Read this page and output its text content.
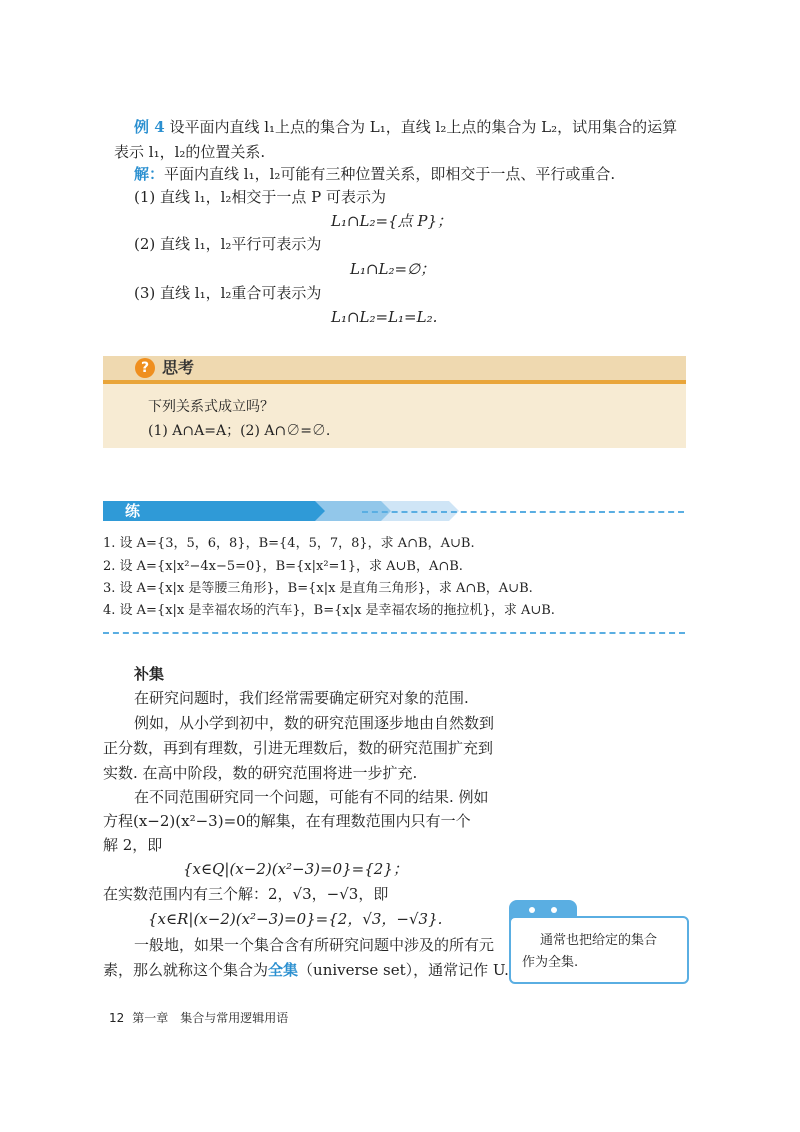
例 4 设平面内直线 l₁上点的集合为 L₁，直线 l₂上点的集合为 L₂，试用集合的运算
表示 l₁，l₂的位置关系.
解：平面内直线 l₁，l₂可能有三种位置关系，即相交于一点、平行或重合.
(1) 直线 l₁，l₂相交于一点 P 可表示为
L₁∩L₂={点 P}；
(2) 直线 l₁，l₂平行可表示为
L₁∩L₂=∅；
(3) 直线 l₁，l₂重合可表示为
L₁∩L₂=L₁=L₂.
? 思考
下列关系式成立吗？
(1) A∩A=A；(2) A∩∅=∅.
练习
1. 设 A={3，5，6，8}，B={4，5，7，8}，求 A∩B，A∪B.
2. 设 A={x|x²−4x−5=0}，B={x|x²=1}，求 A∪B，A∩B.
3. 设 A={x|x 是等腰三角形}，B={x|x 是直角三角形}，求 A∩B，A∪B.
4. 设 A={x|x 是幸福农场的汽车}，B={x|x 是幸福农场的拖拉机}，求 A∪B.
补集
在研究问题时，我们经常需要确定研究对象的范围.
例如，从小学到初中，数的研究范围逐步地由自然数到
正分数，再到有理数，引进无理数后，数的研究范围扩充到
实数. 在高中阶段，数的研究范围将进一步扩充.
在不同范围研究同一个问题，可能有不同的结果. 例如
方程(x−2)(x²−3)=0的解集，在有理数范围内只有一个
解 2，即
{x∈Q|(x−2)(x²−3)=0}={2}；
在实数范围内有三个解：2，√3，−√3，即
{x∈R|(x−2)(x²−3)=0}={2，√3，−√3}.
一般地，如果一个集合含有所研究问题中涉及的所有元
素，那么就称这个集合为全集（universe set），通常记作 U.
通常也把给定的集合
作为全集.
12 第一章　集合与常用逻辑用语
